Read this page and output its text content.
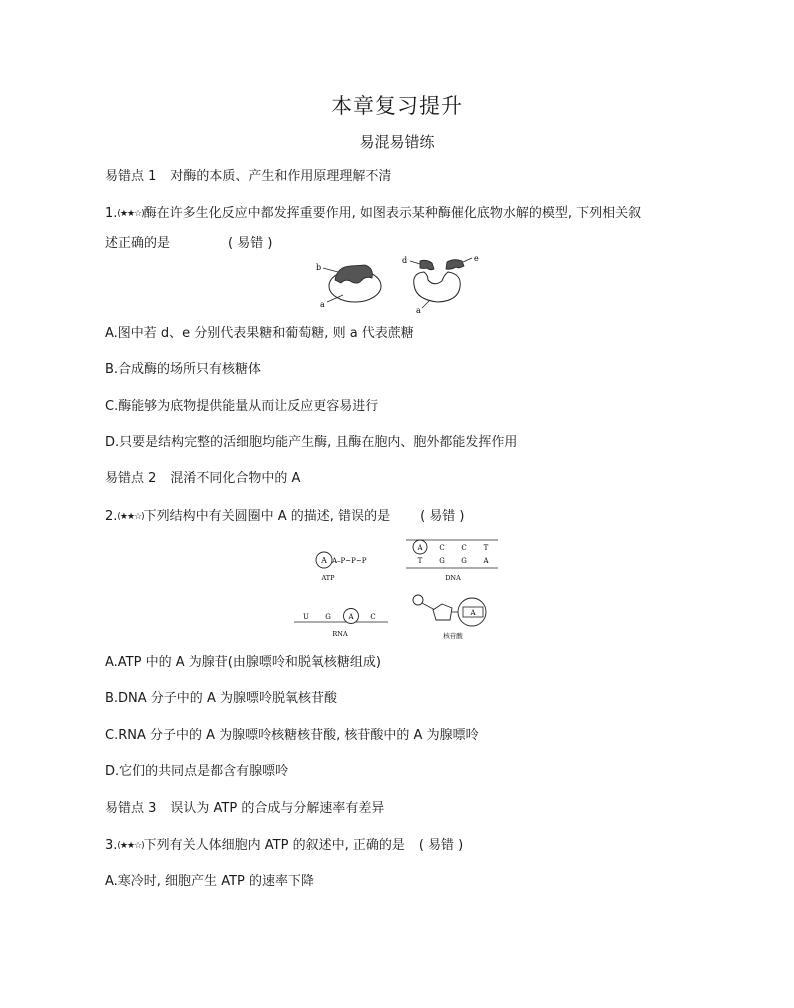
本章复习提升
易混易错练
易错点 1 对酶的本质、产生和作用原理理解不清
1.(★★☆)酶在许多生化反应中都发挥重要作用, 如图表示某种酶催化底物水解的模型, 下列相关叙
述正确的是	( 易错 )
b
a
d	e
a
A.图中若 d、e 分别代表果糖和葡萄糖, 则 a 代表蔗糖
B.合成酶的场所只有核糖体
C.酶能够为底物提供能量从而让反应更容易进行
D.只要是结构完整的活细胞均能产生酶, 且酶在胞内、胞外都能发挥作用
易错点 2 混淆不同化合物中的 A
2.(★★☆)下列结构中有关圆圈中 A 的描述, 错误的是 ( 易错 )
A A–P~P~P
ATP
A C C T
T G G A
DNA
U G	A C
RNA
A
核苷酸
A.ATP 中的 A 为腺苷(由腺嘌呤和脱氧核糖组成)
B.DNA 分子中的 A 为腺嘌呤脱氧核苷酸
C.RNA 分子中的 A 为腺嘌呤核糖核苷酸, 核苷酸中的 A 为腺嘌呤
D.它们的共同点是都含有腺嘌呤
易错点 3 误认为 ATP 的合成与分解速率有差异
3.(★★☆)下列有关人体细胞内 ATP 的叙述中, 正确的是 ( 易错 )
A.寒冷时, 细胞产生 ATP 的速率下降
